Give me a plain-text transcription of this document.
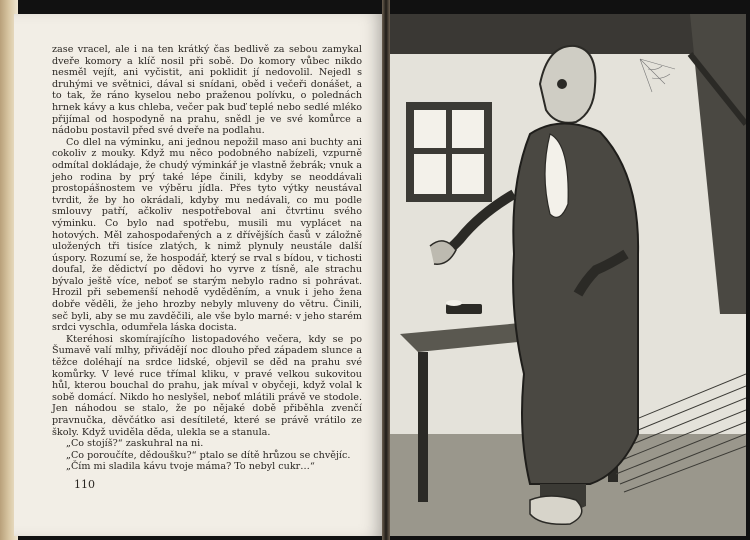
zase vracel, ale i na ten krátký čas bedlivě za sebou zamykal dveře komory a klíč nosil při sobě. Do komory vůbec nikdo nesměl vejít, ani vyčistit, ani poklidit jí nedovolil. Nejedl s druhými ve světnici, dával si snídani, oběd i večeři donášet, a to tak, že ráno kyselou nebo praženou polívku, o polednách hrnek kávy a kus chleba, večer pak buď teplé nebo sedlé mléko přijímal od hospodyně na prahu, snědl je ve své komůrce a nádobu postavil před své dveře na podlahu.

Co dlel na výminku, ani jednou nepožil maso ani buchty ani cokoliv z mouky. Když mu něco podobného nabízeli, vzpurně odmítal dokládaje, že chudý výminkář je vlastně žebrák; vnuk a jeho rodina by prý také lépe činili, kdyby se neoddávali prostopášnostem ve výběru jídla. Přes tyto výtky neustával tvrdit, že by ho okrádali, kdyby mu nedávali, co mu podle smlouvy patří, ačkoliv nespotřeboval ani čtvrtinu svého výminku. Co bylo nad spotřebu, musili mu vyplácet na hotových. Měl zahospodařených a z dřívějších časů v záložně uložených tři tisíce zlatých, k nimž plynuly neustále další úspory. Rozumí se, že hospodář, který se rval s bídou, v tichosti doufal, že dědictví po dědovi ho vyrve z tísně, ale strachu bývalo ještě více, neboť se starým nebylo radno si pohrávat. Hrozil při sebemenší nehodě vyděděním, a vnuk i jeho žena dobře věděli, že jeho hrozby nebyly mluveny do větru. Činili, seč byli, aby se mu zavděčili, ale vše bylo marné: v jeho starém srdci vyschla, odumřela láska docista.

Kteréhosi skomírajícího listopadového večera, kdy se po Šumavě valí mlhy, přivádějí noc dlouho před západem slunce a těžce doléhají na srdce lidské, objevil se děd na prahu své komůrky. V levé ruce třímal kliku, v pravé velkou sukovitou hůl, kterou bouchal do prahu, jak míval v obyčeji, když volal k sobě domácí. Nikdo ho neslyšel, neboť mlátili právě ve stodole. Jen náhodou se stalo, že po nějaké době přiběhla zvenčí pravnučka, děvčátko asi desítileté, které se právě vrátilo ze školy. Když uviděla děda, ulekla se a stanula.

„Co stojíš?“ zaskuhral na ni.

„Co poroučíte, dědoušku?“ ptalo se dítě hrůzou se chvějíc.

„Čím mi sladila kávu tvoje máma? To nebyl cukr…“

110
